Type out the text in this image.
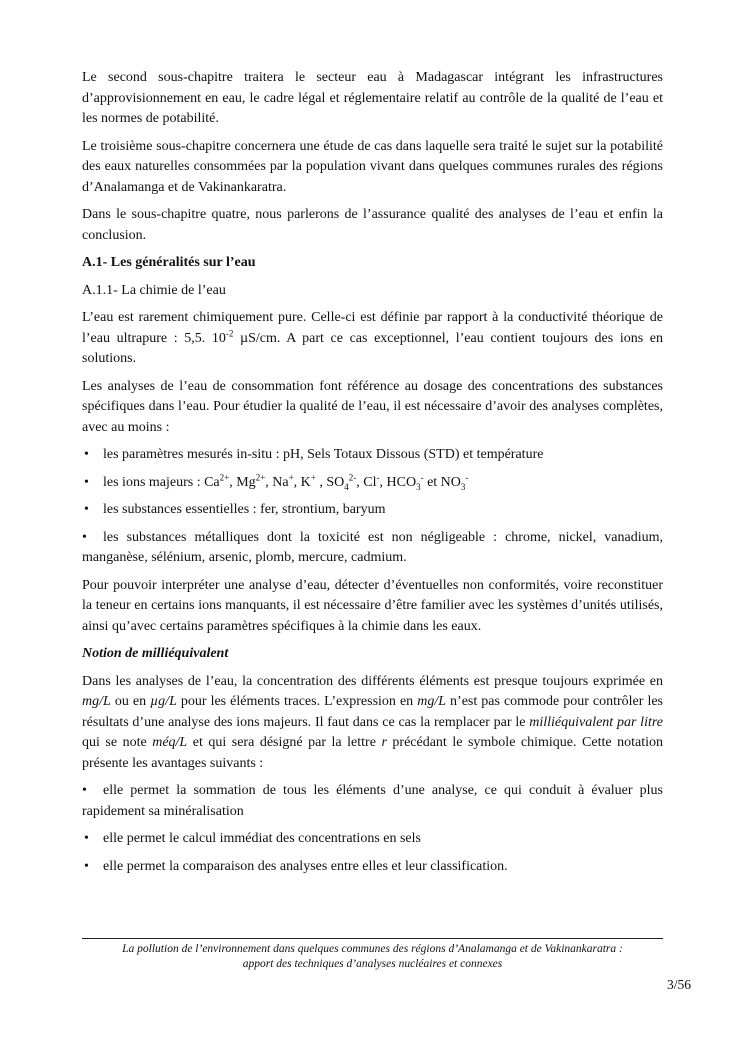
Le second sous-chapitre traitera le secteur eau à Madagascar intégrant les infrastructures d’approvisionnement en eau, le cadre légal et réglementaire relatif au contrôle de la qualité de l’eau et les normes de potabilité.

Le troisième sous-chapitre concernera une étude de cas dans laquelle sera traité le sujet sur la potabilité des eaux naturelles consommées par la population vivant dans quelques communes rurales des régions d’Analamanga et de Vakinankaratra.

Dans le sous-chapitre quatre, nous parlerons de l’assurance qualité des analyses de l’eau et enfin la conclusion.

A.1- Les généralités sur l’eau
A.1.1- La chimie de l’eau

L’eau est rarement chimiquement pure. Celle-ci est définie par rapport à la conductivité théorique de l’eau ultrapure : 5,5. $10^{-2}$ µS/cm. A part ce cas exceptionnel, l’eau contient toujours des ions en solutions.

Les analyses de l’eau de consommation font référence au dosage des concentrations des substances spécifiques dans l’eau. Pour étudier la qualité de l’eau, il est nécessaire d’avoir des analyses complètes, avec au moins :

• les paramètres mesurés in-situ : pH, Sels Totaux Dissous (STD) et température
• les ions majeurs : $Ca^{2+}$, $Mg^{2+}$, Na+, K+ , $SO_4^{2-}$, Cl-, $HCO_3^-$ et $NO_3^-$
• les substances essentielles : fer, strontium, baryum
• les substances métalliques dont la toxicité est non négligeable : chrome, nickel, vanadium, manganèse, sélénium, arsenic, plomb, mercure, cadmium.

Pour pouvoir interpréter une analyse d’eau, détecter d’éventuelles non conformités, voire reconstituer la teneur en certains ions manquants, il est nécessaire d’être familier avec les systèmes d’unités utilisés, ainsi qu’avec certains paramètres spécifiques à la chimie dans les eaux.

Notion de milliéquivalent

Dans les analyses de l’eau, la concentration des différents éléments est presque toujours exprimée en mg/L ou en µg/L pour les éléments traces. L’expression en mg/L n’est pas commode pour contrôler les résultats d’une analyse des ions majeurs. Il faut dans ce cas la remplacer par le milliéquivalent par litre qui se note méq/L et qui sera désigné par la lettre r précédant le symbole chimique. Cette notation présente les avantages suivants :

• elle permet la sommation de tous les éléments d’une analyse, ce qui conduit à évaluer plus rapidement sa minéralisation
• elle permet le calcul immédiat des concentrations en sels
• elle permet la comparaison des analyses entre elles et leur classification.
La pollution de l’environnement dans quelques communes des régions d’Analamanga et de Vakinankaratra :
apport des techniques d’analyses nucléaires et connexes
3/56
